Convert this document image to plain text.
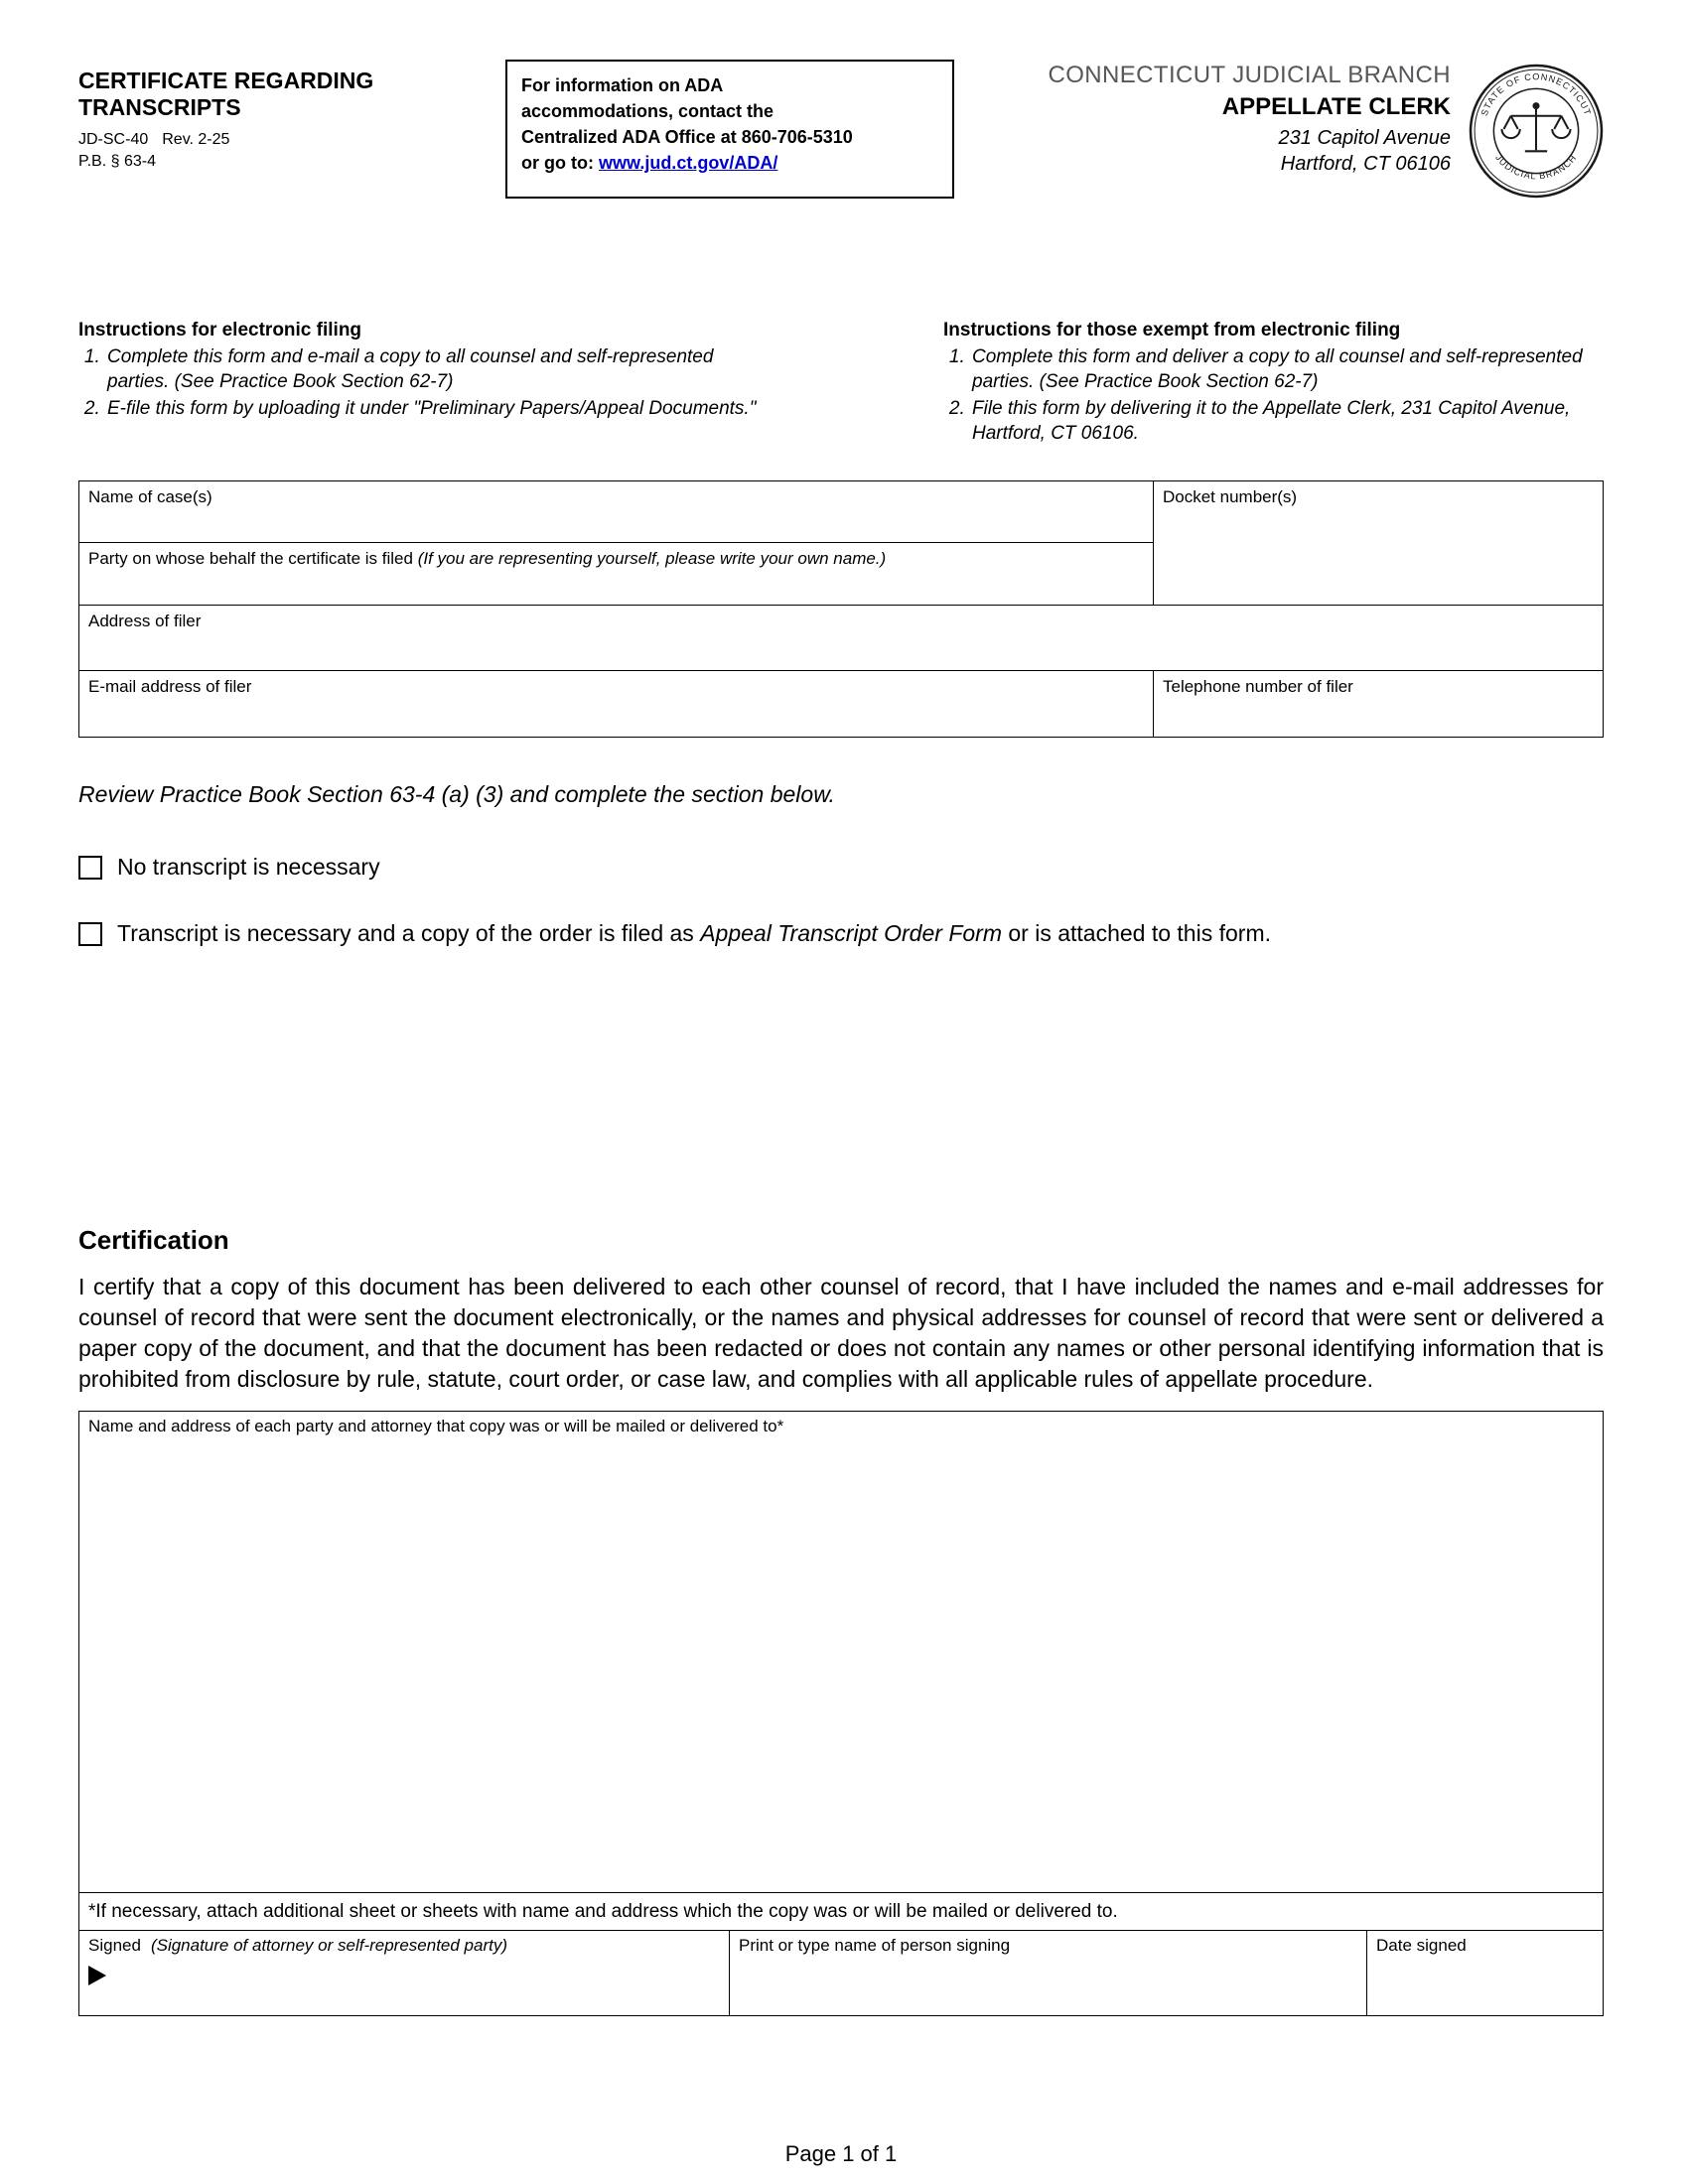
CERTIFICATE REGARDING TRANSCRIPTS
JD-SC-40 Rev. 2-25
P.B. § 63-4
For information on ADA
accommodations, contact the
Centralized ADA Office at 860-706-5310
or go to: www.jud.ct.gov/ADA/
CONNECTICUT JUDICIAL BRANCH
APPELLATE CLERK
231 Capitol Avenue
Hartford, CT 06106
STATE OF CONNECTICUT
JUDICIAL BRANCH
Instructions for electronic filing
1. Complete this form and e-mail a copy to all counsel and self-represented parties. (See Practice Book Section 62-7)
2. E-file this form by uploading it under "Preliminary Papers/Appeal Documents."
Instructions for those exempt from electronic filing
1. Complete this form and deliver a copy to all counsel and self-represented parties. (See Practice Book Section 62-7)
2. File this form by delivering it to the Appellate Clerk, 231 Capitol Avenue, Hartford, CT 06106.
Name of case(s)	Docket number(s)
Party on whose behalf the certificate is filed (If you are representing yourself, please write your own name.)
Address of filer
E-mail address of filer	Telephone number of filer
Review Practice Book Section 63-4 (a) (3) and complete the section below.
No transcript is necessary
Transcript is necessary and a copy of the order is filed as Appeal Transcript Order Form or is attached to this form.
Certification
I certify that a copy of this document has been delivered to each other counsel of record, that I have included the names and e-mail addresses for counsel of record that were sent the document electronically, or the names and physical addresses for counsel of record that were sent or delivered a paper copy of the document, and that the document has been redacted or does not contain any names or other personal identifying information that is prohibited from disclosure by rule, statute, court order, or case law, and complies with all applicable rules of appellate procedure.
Name and address of each party and attorney that copy was or will be mailed or delivered to*
*If necessary, attach additional sheet or sheets with name and address which the copy was or will be mailed or delivered to.
Signed (Signature of attorney or self-represented party)	Print or type name of person signing	Date signed
Page 1 of 1
